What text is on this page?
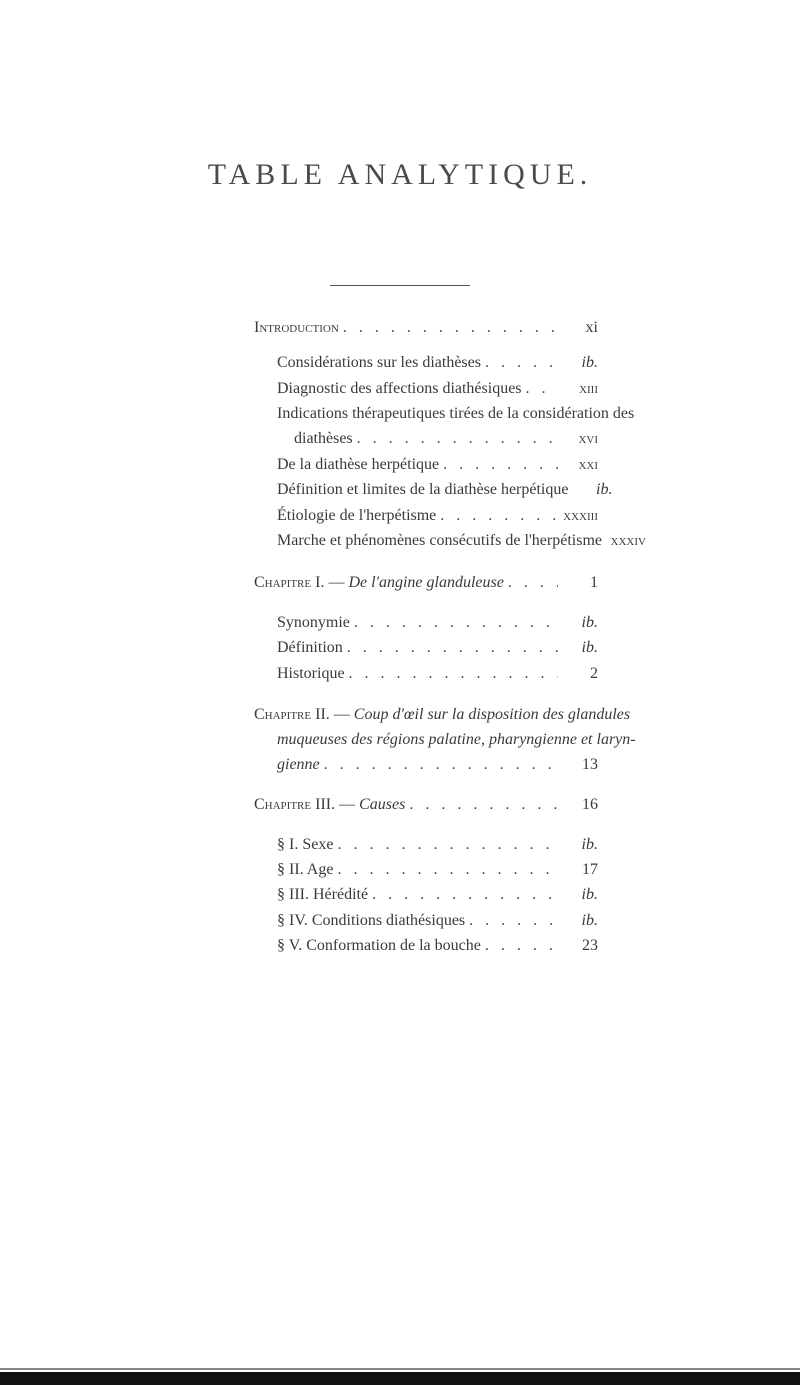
TABLE ANALYTIQUE.
Introduction . . .	xi
Considérations sur les diathèses . . .	ib.
Diagnostic des affections diathésiques . . .	xiii
Indications thérapeutiques tirées de la considération des
diathèses . . .	xvi
De la diathèse herpétique . . .	xxi
Définition et limites de la diathèse herpétique	ib.
Étiologie de l'herpétisme . . .	xxxiii
Marche et phénomènes consécutifs de l'herpétisme xxxiv
Chapitre I. — De l'angine glanduleuse . . .	1
Synonymie . . .	ib.
Définition . . .	ib.
Historique . . .	2
Chapitre II. — Coup d'œil sur la disposition des glandules
muqueuses des régions palatine, pharyngienne et laryn-
gienne . . .	13
Chapitre III. — Causes . . .	16
§ I. Sexe . . .	ib.
§ II. Age . . .	17
§ III. Hérédité . . .	ib.
§ IV. Conditions diathésiques . . .	ib.
§ V. Conformation de la bouche . . .	23
